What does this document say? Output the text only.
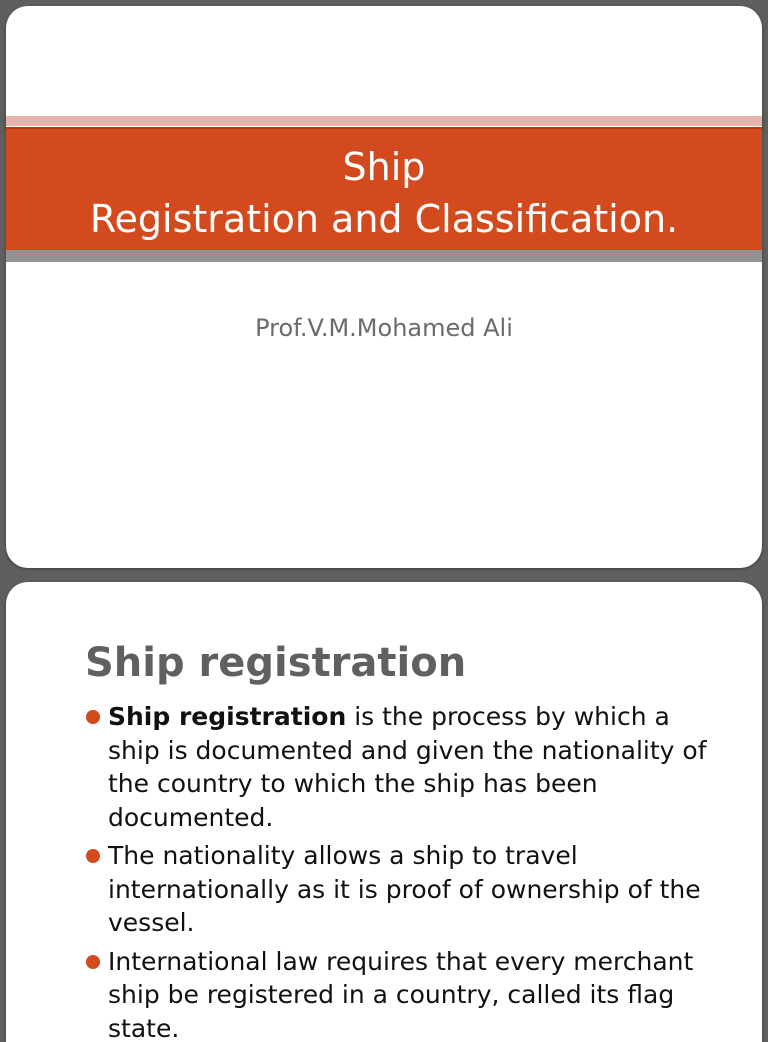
Ship
Registration and Classification.
Prof.V.M.Mohamed Ali
Ship registration
Ship registration is the process by which a ship is documented and given the nationality of the country to which the ship has been documented.
The nationality allows a ship to travel internationally as it is proof of ownership of the vessel.
International law requires that every merchant ship be registered in a country, called its flag state.
